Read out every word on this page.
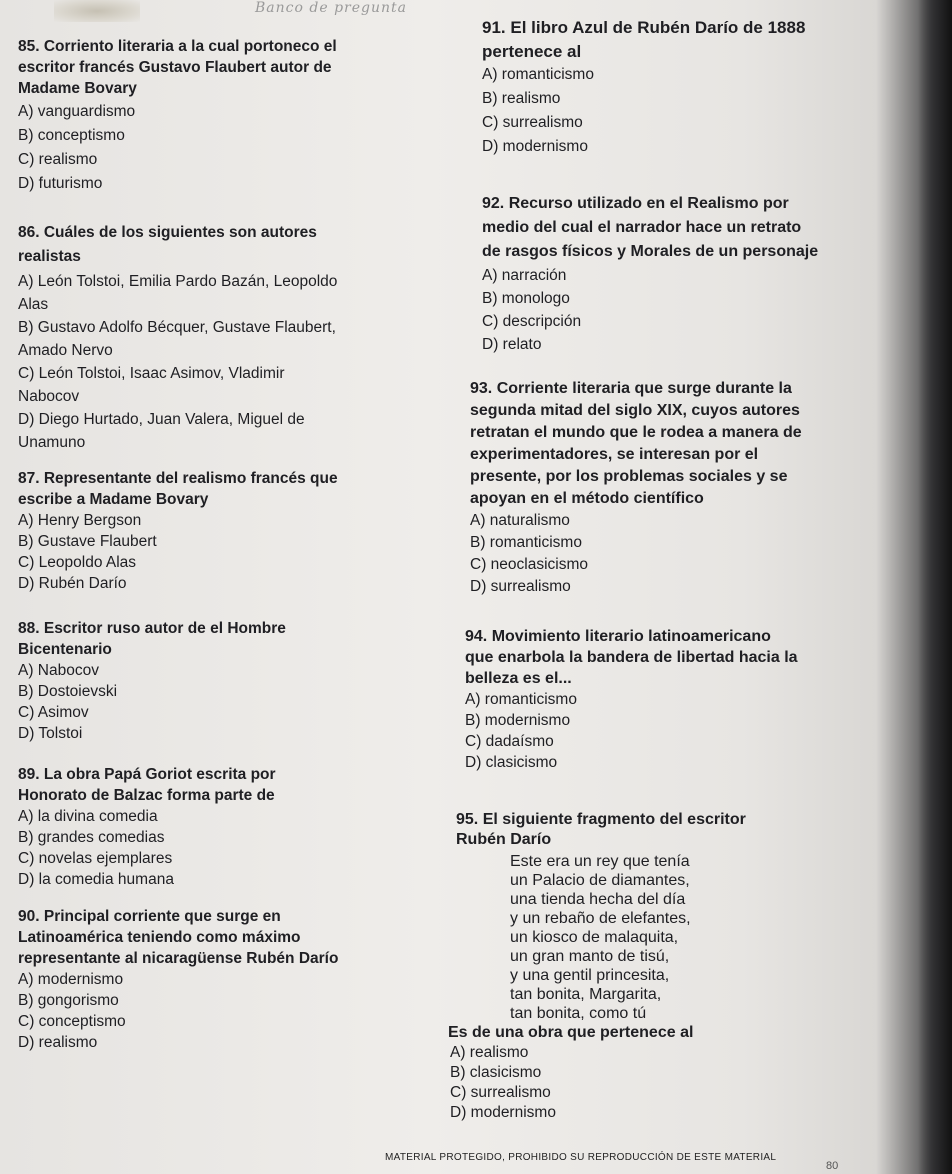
Banco de pregunta
85. Corriento literaria a la cual portoneco el
escritor francés Gustavo Flaubert autor de
Madame Bovary
A) vanguardismo
B) conceptismo
C) realismo
D) futurismo
86. Cuáles de los siguientes son autores
realistas
A) León Tolstoi, Emilia Pardo Bazán, Leopoldo
Alas
B) Gustavo Adolfo Bécquer, Gustave Flaubert,
Amado Nervo
C) León Tolstoi, Isaac Asimov, Vladimir
Nabocov
D) Diego Hurtado, Juan Valera, Miguel de
Unamuno
87. Representante del realismo francés que
escribe a Madame Bovary
A) Henry Bergson
B) Gustave Flaubert
C) Leopoldo Alas
D) Rubén Darío
88. Escritor ruso autor de el Hombre
Bicentenario
A) Nabocov
B) Dostoievski
C) Asimov
D) Tolstoi
89. La obra Papá Goriot escrita por
Honorato de Balzac forma parte de
A) la divina comedia
B) grandes comedias
C) novelas ejemplares
D) la comedia humana
90. Principal corriente que surge en
Latinoamérica teniendo como máximo
representante al nicaragüense Rubén Darío
A) modernismo
B) gongorismo
C) conceptismo
D) realismo
91. El libro Azul de Rubén Darío de 1888
pertenece al
A) romanticismo
B) realismo
C) surrealismo
D) modernismo
92. Recurso utilizado en el Realismo por
medio del cual el narrador hace un retrato
de rasgos físicos y Morales de un personaje
A) narración
B) monologo
C) descripción
D) relato
93. Corriente literaria que surge durante la
segunda mitad del siglo XIX, cuyos autores
retratan el mundo que le rodea a manera de
experimentadores, se interesan por el
presente, por los problemas sociales y se
apoyan en el método científico
A) naturalismo
B) romanticismo
C) neoclasicismo
D) surrealismo
94. Movimiento literario latinoamericano
que enarbola la bandera de libertad hacia la
belleza es el...
A) romanticismo
B) modernismo
C) dadaísmo
D) clasicismo
95. El siguiente fragmento del escritor
Rubén Darío
Este era un rey que tenía
un Palacio de diamantes,
una tienda hecha del día
y un rebaño de elefantes,
un kiosco de malaquita,
un gran manto de tisú,
y una gentil princesita,
tan bonita, Margarita,
tan bonita, como tú
Es de una obra que pertenece al
A) realismo
B) clasicismo
C) surrealismo
D) modernismo
MATERIAL PROTEGIDO, PROHIBIDO SU REPRODUCCIÓN DE ESTE MATERIAL
80
